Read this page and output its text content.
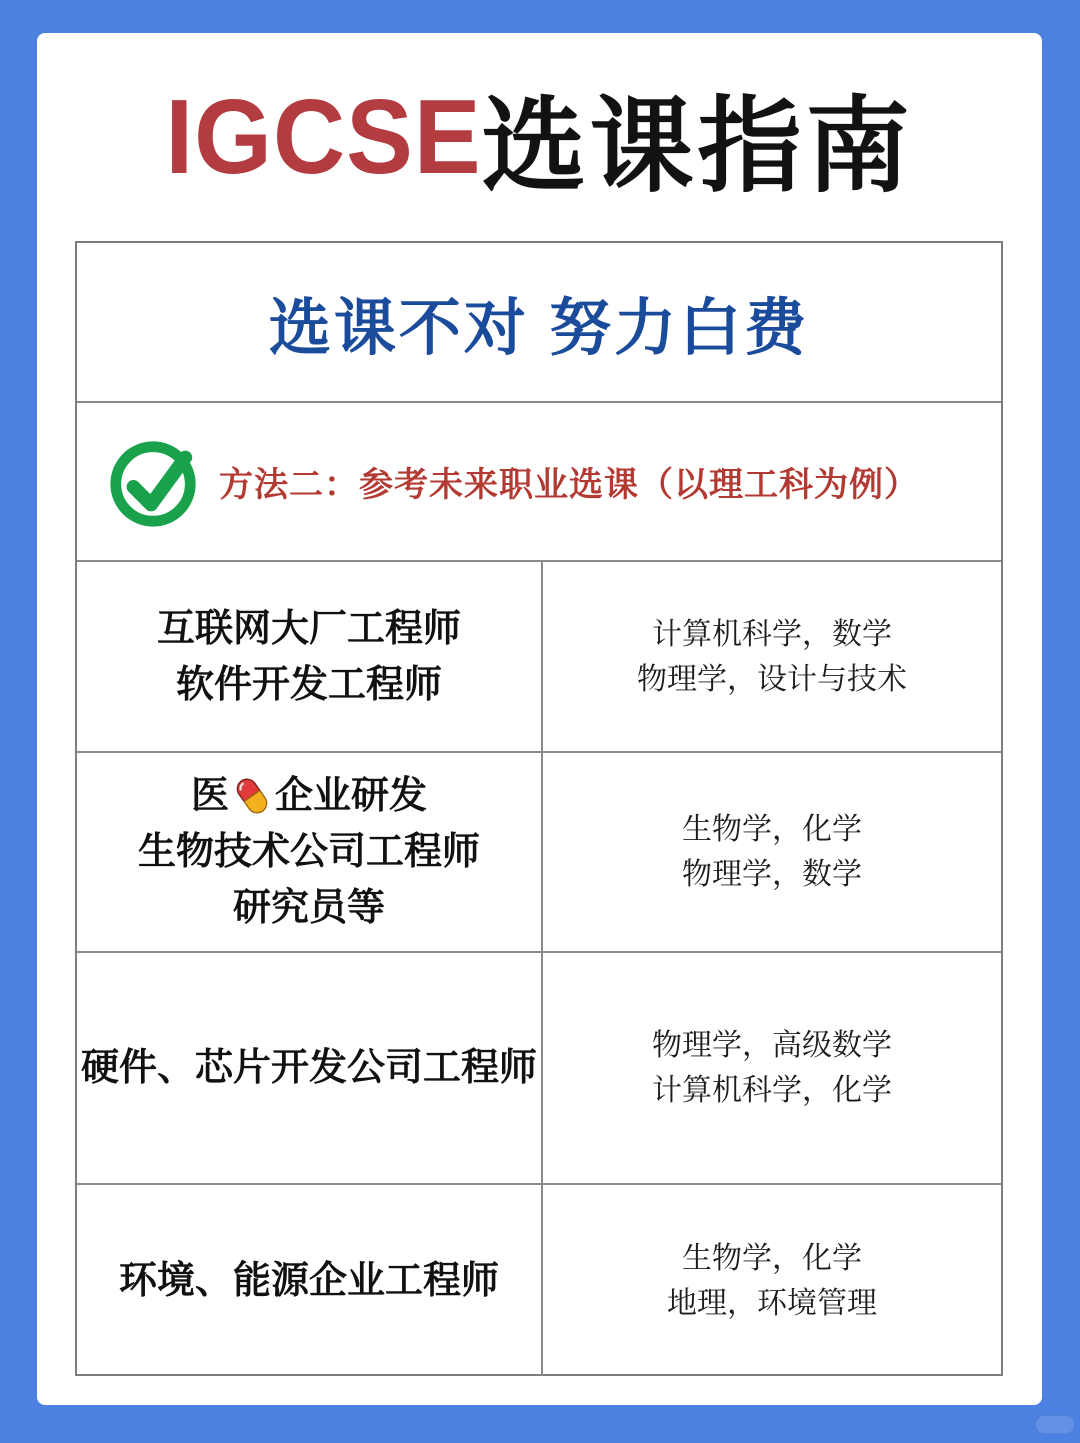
IGCSE 选课指南
选课不对 努力白费
方法二：参考未来职业选课（以理工科为例）
互联网大厂工程师
软件开发工程师
计算机科学，数学
物理学，设计与技术
医 企业研发
生物技术公司工程师
研究员等
生物学，化学
物理学，数学
硬件、芯片开发公司工程师
物理学，高级数学
计算机科学，化学
环境、能源企业工程师
生物学，化学
地理，环境管理
